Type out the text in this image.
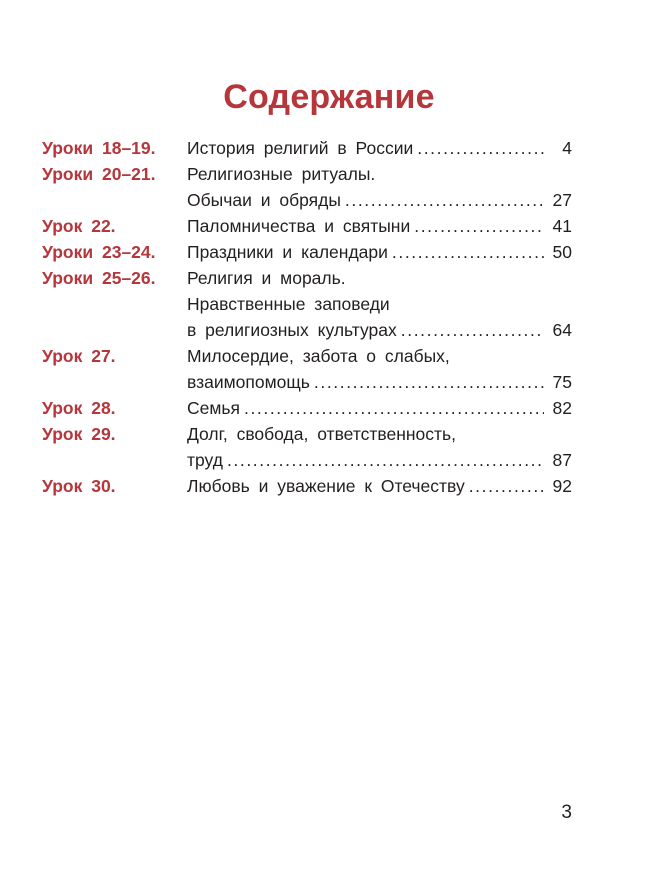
Содержание
Уроки 18–19. История религий в России .....	4
Уроки 20–21. Религиозные ритуалы.
Обычаи и обряды .....	27
Урок 22.	Паломничества и святыни .....	41
Уроки 23–24. Праздники и календари .....	50
Уроки 25–26. Религия и мораль.
Нравственные заповеди
в религиозных культурах .....	64
Урок 27.	Милосердие, забота о слабых,
взаимопомощь .....	75
Урок 28.	Семья .....	82
Урок 29.	Долг, свобода, ответственность,
труд .....	87
Урок 30.	Любовь и уважение к Отечеству .....	92
3
